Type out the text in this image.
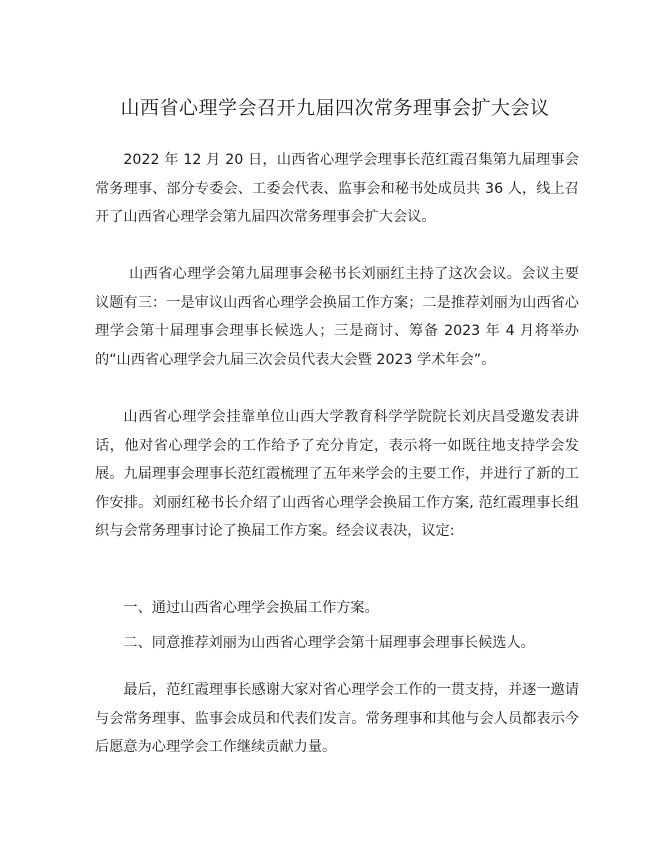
山西省心理学会召开九届四次常务理事会扩大会议

2022 年 12 月 20 日，山西省心理学会理事长范红霞召集第九届理事会常务理事、部分专委会、工委会代表、监事会和秘书处成员共 36 人，线上召开了山西省心理学会第九届四次常务理事会扩大会议。

山西省心理学会第九届理事会秘书长刘丽红主持了这次会议。会议主要议题有三：一是审议山西省心理学会换届工作方案；二是推荐刘丽为山西省心理学会第十届理事会理事长候选人；三是商讨、筹备 2023 年 4 月将举办的“山西省心理学会九届三次会员代表大会暨 2023 学术年会”。

山西省心理学会挂靠单位山西大学教育科学学院院长刘庆昌受邀发表讲话，他对省心理学会的工作给予了充分肯定，表示将一如既往地支持学会发展。九届理事会理事长范红霞梳理了五年来学会的主要工作，并进行了新的工作安排。刘丽红秘书长介绍了山西省心理学会换届工作方案, 范红霞理事长组织与会常务理事讨论了换届工作方案。经会议表决，议定:

一、通过山西省心理学会换届工作方案。

二、同意推荐刘丽为山西省心理学会第十届理事会理事长候选人。

最后，范红霞理事长感谢大家对省心理学会工作的一贯支持，并逐一邀请与会常务理事、监事会成员和代表们发言。常务理事和其他与会人员都表示今后愿意为心理学会工作继续贡献力量。
